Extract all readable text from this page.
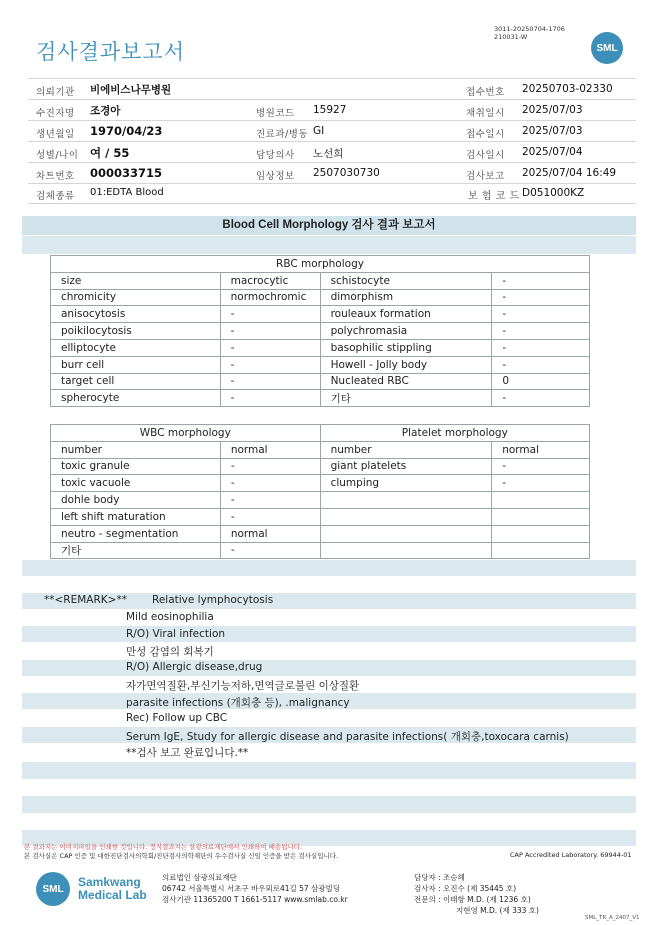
검사결과보고서
3011-20250704-1706
210031-W
SML
의뢰기관 비에비스나무병원	접수번호 20250703-02330
수진자명 조경아	병원코드 15927	채취일시 2025/07/03
생년월일 1970/04/23	진료과/병동 GI	접수일시 2025/07/03
성별/나이 여 / 55	담당의사 노선희	검사일시 2025/07/04
차트번호 000033715	임상정보 2507030730	검사보고 2025/07/04 16:49
검체종류 01:EDTA Blood	보 험 코 드 D051000KZ
Blood Cell Morphology 검사 결과 보고서
RBC morphology			
size	macrocytic	schistocyte	-
chromicity	normochromic	dimorphism	-
anisocytosis	-	rouleaux formation	-
poikilocytosis	-	polychromasia	-
elliptocyte	-	basophilic stippling	-
burr cell	-	Howell - Jolly body	-
target cell	-	Nucleated RBC	0
spherocyte	-	기타	-
WBC morphology		Platelet morphology	
number	normal	number	normal
toxic granule	-	giant platelets	-
toxic vacuole	-	clumping	-
dohle body	-		
left shift maturation	-		
neutro - segmentation	normal		
기타	-		
**<REMARK>** Relative lymphocytosis
Mild eosinophilia
R/O) Viral infection
만성 감염의 회복기
R/O) Allergic disease,drug
자가면역질환,부신기능저하,면역글로불린 이상질환
parasite infections (개회충 등), .malignancy
Rec) Follow up CBC
Serum IgE, Study for allergic disease and parasite infections( 개회충,toxocara carnis)
**검사 보고 완료입니다.**
본 결과지는 이미지파일을 인쇄한 것입니다. 정식결과지는 삼광의료재단에서 인쇄하여 배송됩니다.
본 검사실은 CAP 인증 및 대한진단검사의학회/진단검사의학재단의 우수검사실 신임 인증을 받은 검사실입니다.	CAP Accredited Laboratory. 69944-01
SML	Samkwang
Medical Lab
의료법인 삼광의료재단
06742 서울특별시 서초구 바우뫼로41길 57 삼광빌딩
검사기관 11365200 T 1661-5117 www.smlab.co.kr
담당자 : 조승혜
검사자 : 오진수 (제 35445 호)
전문의 : 이태항 M.D. (제 1236 호)
지현영 M.D. (제 333 호)
SML_TR_A_2407_V1
